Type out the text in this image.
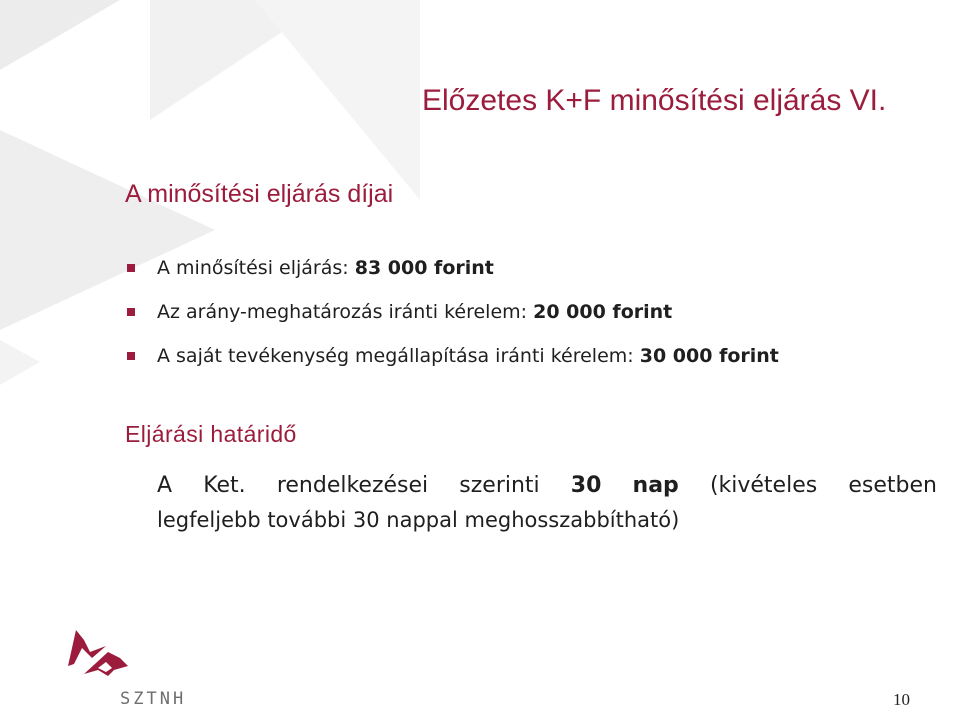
Előzetes K+F minősítési eljárás VI.
A minősítési eljárás díjai
A minősítési eljárás:
83 000 forint
Az arány-meghatározás iránti kérelem:
20 000 forint
A saját tevékenység megállapítása iránti kérelem:
30 000 forint
Eljárási határidő
A Ket. rendelkezései szerinti 30 nap (kivételes esetben
legfeljebb további 30 nappal meghosszabbítható)
SZTNH	10
